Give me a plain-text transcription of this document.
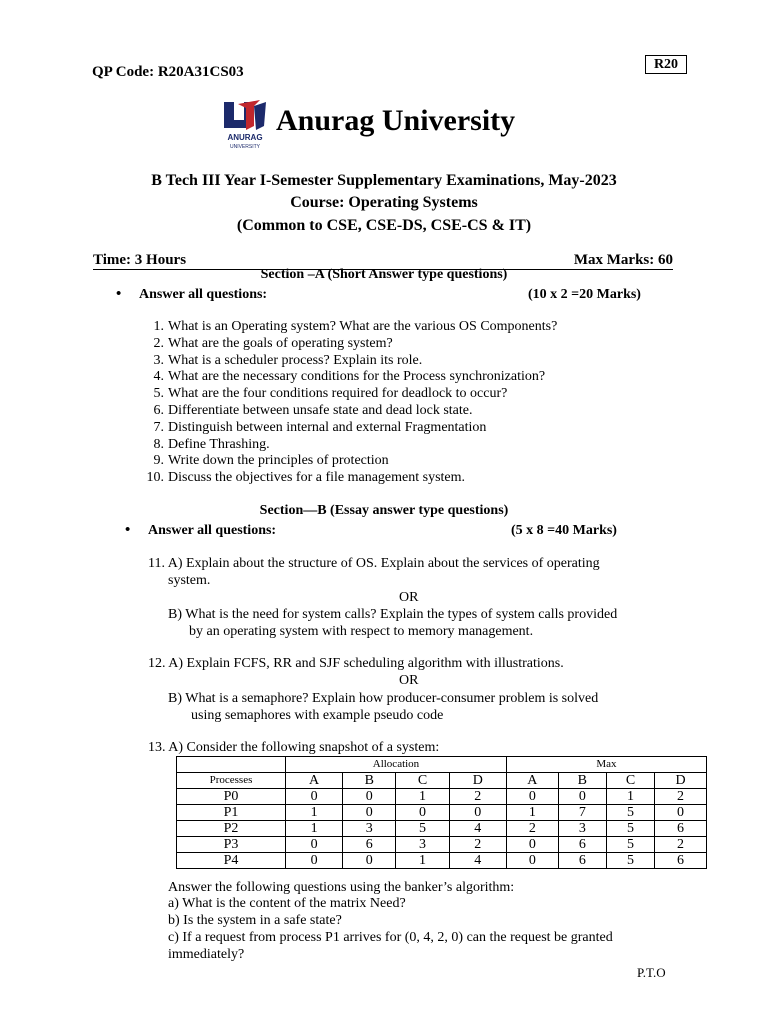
R20
QP Code: R20A31CS03
ANURAG
UNIVERSITY
Anurag University
B Tech III Year I-Semester Supplementary Examinations, May-2023
Course: Operating Systems
(Common to CSE, CSE-DS, CSE-CS & IT)
Time: 3 Hours	Max Marks: 60
Section –A (Short Answer type questions)
• Answer all questions:	(10 x 2 =20 Marks)
1. What is an Operating system? What are the various OS Components?
2. What are the goals of operating system?
3. What is a scheduler process? Explain its role.
4. What are the necessary conditions for the Process synchronization?
5. What are the four conditions required for deadlock to occur?
6. Differentiate between unsafe state and dead lock state.
7. Distinguish between internal and external Fragmentation
8. Define Thrashing.
9. Write down the principles of protection
10. Discuss the objectives for a file management system.
Section—B (Essay answer type questions)
• Answer all questions:	(5 x 8 =40 Marks)
11. A) Explain about the structure of OS. Explain about the services of operating
system.
OR
B) What is the need for system calls? Explain the types of system calls provided
by an operating system with respect to memory management.
12. A) Explain FCFS, RR and SJF scheduling algorithm with illustrations.
OR
B) What is a semaphore? Explain how producer-consumer problem is solved
using semaphores with example pseudo code
13. A) Consider the following snapshot of a system:
	Allocation				Max			
Processes	A	B	C	D	A	B	C	D
P0	0	0	1	2	0	0	1	2
P1	1	0	0	0	1	7	5	0
P2	1	3	5	4	2	3	5	6
P3	0	6	3	2	0	6	5	2
P4	0	0	1	4	0	6	5	6
Answer the following questions using the banker’s algorithm:
a) What is the content of the matrix Need?
b) Is the system in a safe state?
c) If a request from process P1 arrives for (0, 4, 2, 0) can the request be granted
immediately?
P.T.O
